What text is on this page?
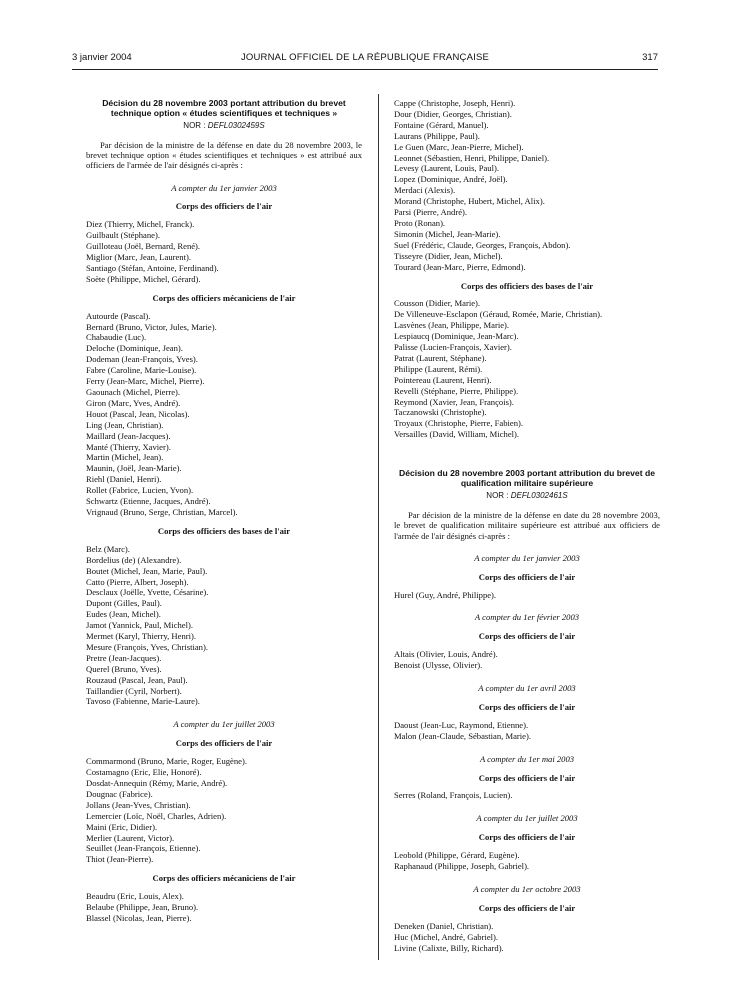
3 janvier 2004	JOURNAL OFFICIEL DE LA RÉPUBLIQUE FRANÇAISE	317

Décision du 28 novembre 2003 portant attribution du brevet technique option « études scientifiques et techniques »

NOR : DEFL0302459S

Par décision de la ministre de la défense en date du 28 novembre 2003, le brevet technique option « études scientifiques et techniques » est attribué aux officiers de l'armée de l'air désignés ci-après :

A compter du 1er janvier 2003
Corps des officiers de l'air
Diez (Thierry, Michel, Franck).
Guilbault (Stéphane).
Guilloteau (Joël, Bernard, René).
Miglior (Marc, Jean, Laurent).
Santiago (Stéfan, Antoine, Ferdinand).
Soète (Philippe, Michel, Gérard).
Corps des officiers mécaniciens de l'air
Autourde (Pascal).
Bernard (Bruno, Victor, Jules, Marie).
Chabaudie (Luc).
Deloche (Dominique, Jean).
Dodeman (Jean-François, Yves).
Fabre (Caroline, Marie-Louise).
Ferry (Jean-Marc, Michel, Pierre).
Gaounach (Michel, Pierre).
Giron (Marc, Yves, André).
Houot (Pascal, Jean, Nicolas).
Ling (Jean, Christian).
Maillard (Jean-Jacques).
Manté (Thierry, Xavier).
Martin (Michel, Jean).
Maunin, (Joël, Jean-Marie).
Riehl (Daniel, Henri).
Rollet (Fabrice, Lucien, Yvon).
Schwartz (Etienne, Jacques, André).
Vrignaud (Bruno, Serge, Christian, Marcel).
Corps des officiers des bases de l'air
Belz (Marc).
Bordelius (de) (Alexandre).
Boutet (Michel, Jean, Marie, Paul).
Catto (Pierre, Albert, Joseph).
Desclaux (Joëlle, Yvette, Césarine).
Dupont (Gilles, Paul).
Eudes (Jean, Michel).
Jamot (Yannick, Paul, Michel).
Mermet (Karyl, Thierry, Henri).
Mesure (François, Yves, Christian).
Pretre (Jean-Jacques).
Querel (Bruno, Yves).
Rouzaud (Pascal, Jean, Paul).
Taillandier (Cyril, Norbert).
Tavoso (Fabienne, Marie-Laure).
A compter du 1er juillet 2003
Corps des officiers de l'air
Commarmond (Bruno, Marie, Roger, Eugène).
Costamagno (Eric, Elie, Honoré).
Dosdat-Annequin (Rémy, Marie, André).
Dougnac (Fabrice).
Jollans (Jean-Yves, Christian).
Lemercier (Loïc, Noël, Charles, Adrien).
Maini (Eric, Didier).
Merlier (Laurent, Victor).
Seuillet (Jean-François, Etienne).
Thiot (Jean-Pierre).
Corps des officiers mécaniciens de l'air
Beaudru (Eric, Louis, Alex).
Belaube (Philippe, Jean, Bruno).
Blassel (Nicolas, Jean, Pierre).
Cappe (Christophe, Joseph, Henri).
Dour (Didier, Georges, Christian).
Fontaine (Gérard, Manuel).
Laurans (Philippe, Paul).
Le Guen (Marc, Jean-Pierre, Michel).
Leonnet (Sébastien, Henri, Philippe, Daniel).
Levesy (Laurent, Louis, Paul).
Lopez (Dominique, André, Joël).
Merdaci (Alexis).
Morand (Christophe, Hubert, Michel, Alix).
Parsi (Pierre, André).
Proto (Ronan).
Simonin (Michel, Jean-Marie).
Suel (Frédéric, Claude, Georges, François, Abdon).
Tisseyre (Didier, Jean, Michel).
Tourard (Jean-Marc, Pierre, Edmond).
Corps des officiers des bases de l'air
Cousson (Didier, Marie).
De Villeneuve-Esclapon (Géraud, Romée, Marie, Christian).
Lasvènes (Jean, Philippe, Marie).
Lespiaucq (Dominique, Jean-Marc).
Palisse (Lucien-François, Xavier).
Patrat (Laurent, Stéphane).
Philippe (Laurent, Rémi).
Pointereau (Laurent, Henri).
Revelli (Stéphane, Pierre, Philippe).
Reymond (Xavier, Jean, François).
Taczanowski (Christophe).
Troyaux (Christophe, Pierre, Fabien).
Versailles (David, William, Michel).

Décision du 28 novembre 2003 portant attribution du brevet de qualification militaire supérieure

NOR : DEFL0302461S

Par décision de la ministre de la défense en date du 28 novembre 2003, le brevet de qualification militaire supérieure est attribué aux officiers de l'armée de l'air désignés ci-après :

A compter du 1er janvier 2003
Corps des officiers de l'air
Hurel (Guy, André, Philippe).
A compter du 1er février 2003
Corps des officiers de l'air
Altais (Olivier, Louis, André).
Benoist (Ulysse, Olivier).
A compter du 1er avril 2003
Corps des officiers de l'air
Daoust (Jean-Luc, Raymond, Etienne).
Malon (Jean-Claude, Sébastian, Marie).
A compter du 1er mai 2003
Corps des officiers de l'air
Serres (Roland, François, Lucien).
A compter du 1er juillet 2003
Corps des officiers de l'air
Leobold (Philippe, Gérard, Eugène).
Raphanaud (Philippe, Joseph, Gabriel).
A compter du 1er octobre 2003
Corps des officiers de l'air
Deneken (Daniel, Christian).
Huc (Michel, André, Gabriel).
Livine (Calixte, Billy, Richard).
